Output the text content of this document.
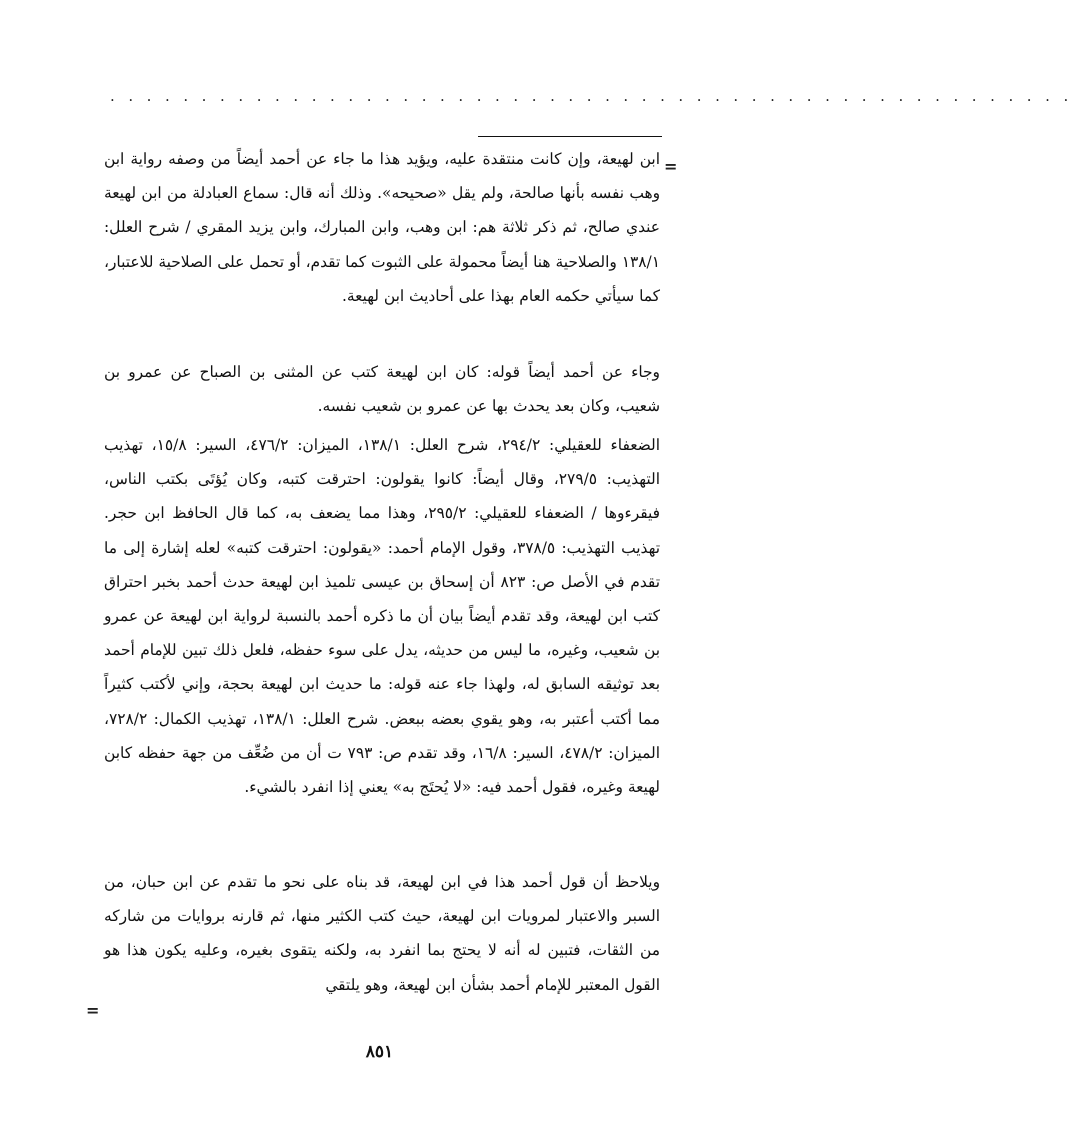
. . . . . . . . . . . . . . . . . . . . . . . . . . . . . . . . . . . . . . . . . . . . . . . . . . . . .
=

ابن لهيعة، وإن كانت منتقدة عليه، ويؤيد هذا ما جاء عن أحمد أيضاً من وصفه رواية ابن وهب نفسه بأنها صالحة، ولم يقل «صحيحه». وذلك أنه قال: سماع العبادلة من ابن لهيعة عندي صالح، ثم ذكر ثلاثة هم: ابن وهب، وابن المبارك، وابن يزيد المقري / شرح العلل: ١٣٨/١ والصلاحية هنا أيضاً محمولة على الثبوت كما تقدم، أو تحمل على الصلاحية للاعتبار، كما سيأتي حكمه العام بهذا على أحاديث ابن لهيعة.

وجاء عن أحمد أيضاً قوله: كان ابن لهيعة كتب عن المثنى بن الصباح عن عمرو بن شعيب، وكان بعد يحدث بها عن عمرو بن شعيب نفسه.

الضعفاء للعقيلي: ٢٩٤/٢، شرح العلل: ١٣٨/١، الميزان: ٤٧٦/٢، السير: ١٥/٨، تهذيب التهذيب: ٢٧٩/٥، وقال أيضاً: كانوا يقولون: احترقت كتبه، وكان يُؤتَى بكتب الناس، فيقرءوها / الضعفاء للعقيلي: ٢٩٥/٢، وهذا مما يضعف به، كما قال الحافظ ابن حجر. تهذيب التهذيب: ٣٧٨/٥، وقول الإمام أحمد: «يقولون: احترقت كتبه» لعله إشارة إلى ما تقدم في الأصل ص: ٨٢٣ أن إسحاق بن عيسى تلميذ ابن لهيعة حدث أحمد بخبر احتراق كتب ابن لهيعة، وقد تقدم أيضاً بيان أن ما ذكره أحمد بالنسبة لرواية ابن لهيعة عن عمرو بن شعيب، وغيره، ما ليس من حديثه، يدل على سوء حفظه، فلعل ذلك تبين للإمام أحمد بعد توثيقه السابق له، ولهذا جاء عنه قوله: ما حديث ابن لهيعة بحجة، وإني لأكتب كثيراً مما أكتب أعتبر به، وهو يقوي بعضه ببعض. شرح العلل: ١٣٨/١، تهذيب الكمال: ٧٢٨/٢، الميزان: ٤٧٨/٢، السير: ١٦/٨، وقد تقدم ص: ٧٩٣ ت أن من ضُعِّف من جهة حفظه كابن لهيعة وغيره، فقول أحمد فيه: «لا يُحتَج به» يعني إذا انفرد بالشيء.

ويلاحظ أن قول أحمد هذا في ابن لهيعة، قد بناه على نحو ما تقدم عن ابن حبان، من السبر والاعتبار لمرويات ابن لهيعة، حيث كتب الكثير منها، ثم قارنه بروايات من شاركه من الثقات، فتبين له أنه لا يحتج بما انفرد به، ولكنه يتقوى بغيره، وعليه يكون هذا هو القول المعتبر للإمام أحمد بشأن ابن لهيعة، وهو يلتقي

=
٨٥١
